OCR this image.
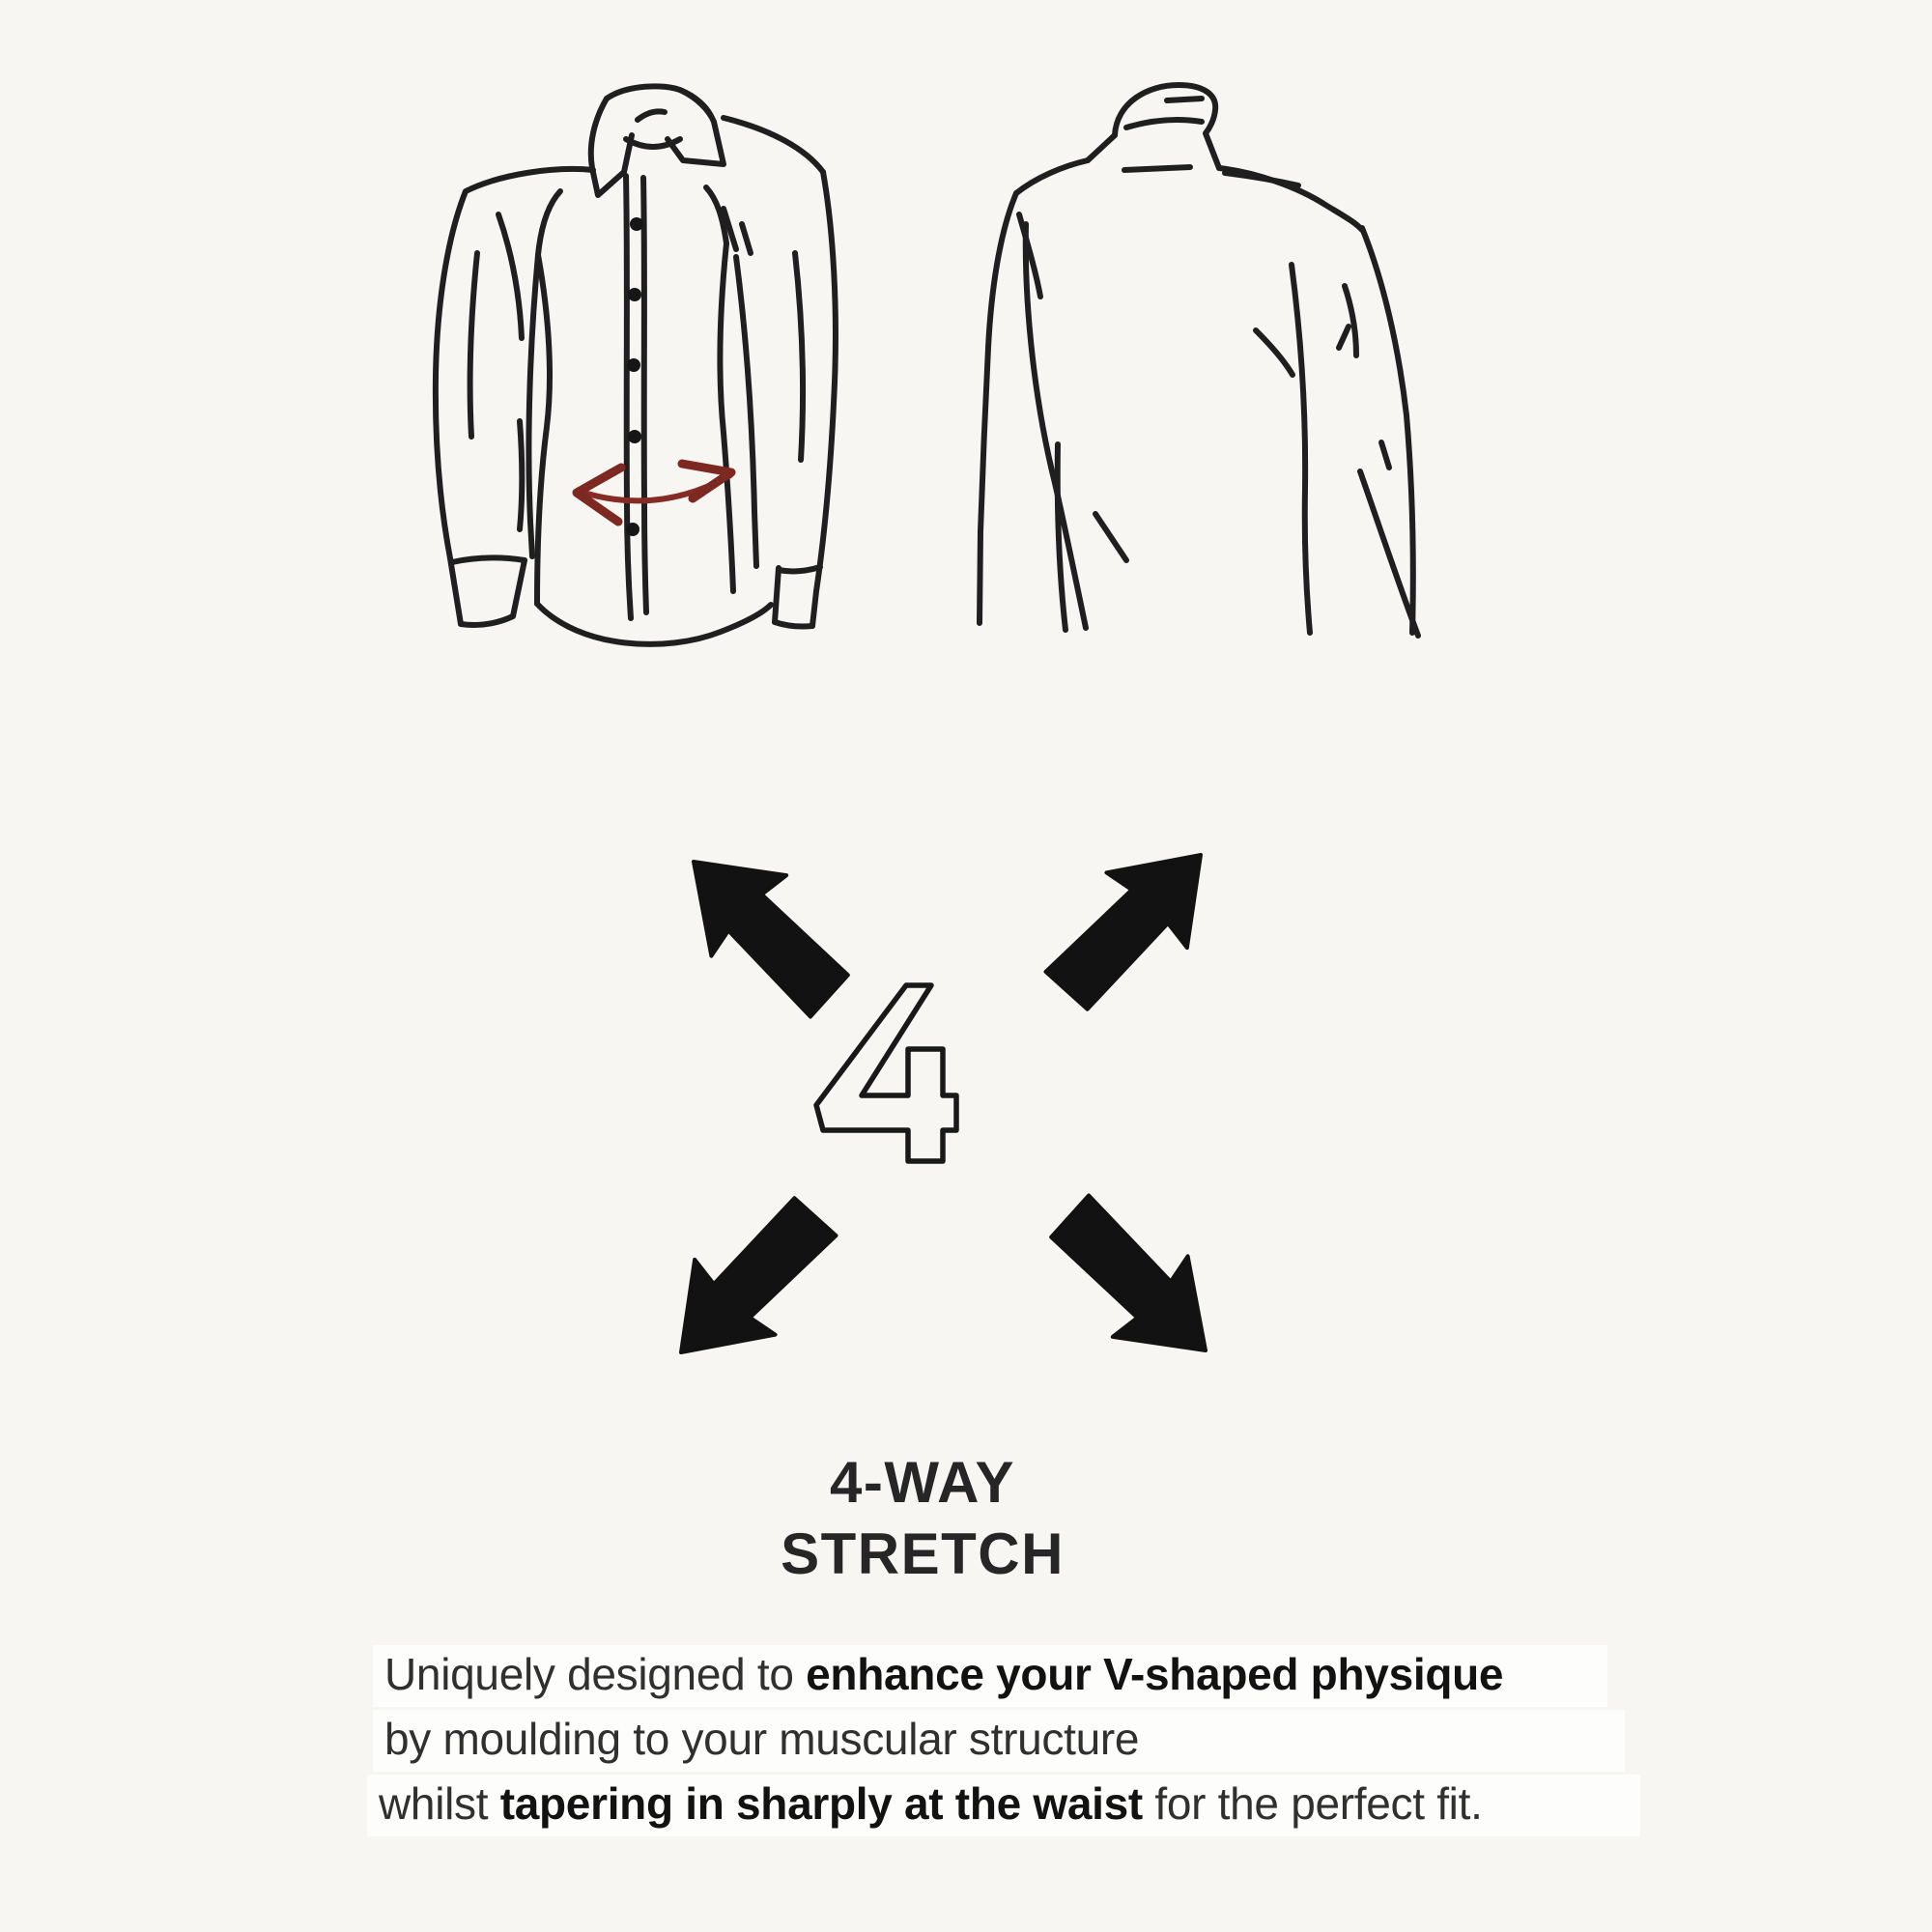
4-WAY
STRETCH
Uniquely designed to enhance your V-shaped physique
by moulding to your muscular structure
whilst tapering in sharply at the waist for the perfect fit.
